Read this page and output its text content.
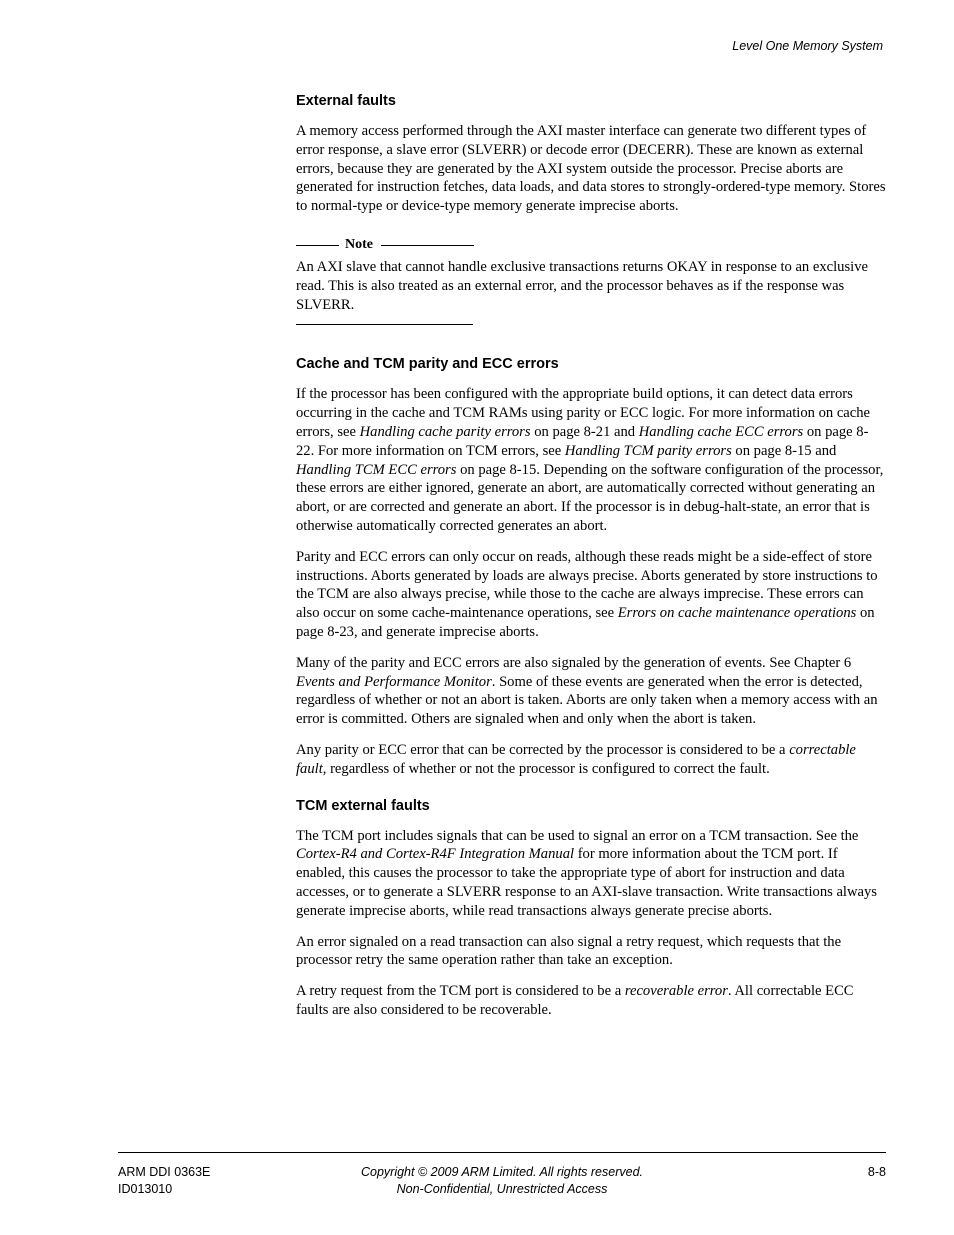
Level One Memory System
External faults

A memory access performed through the AXI master interface can generate two different types of error response, a slave error (SLVERR) or decode error (DECERR). These are known as external errors, because they are generated by the AXI system outside the processor. Precise aborts are generated for instruction fetches, data loads, and data stores to strongly-ordered-type memory. Stores to normal-type or device-type memory generate imprecise aborts.

Note

An AXI slave that cannot handle exclusive transactions returns OKAY in response to an exclusive read. This is also treated as an external error, and the processor behaves as if the response was SLVERR.

Cache and TCM parity and ECC errors

If the processor has been configured with the appropriate build options, it can detect data errors occurring in the cache and TCM RAMs using parity or ECC logic. For more information on cache errors, see Handling cache parity errors on page 8-21 and Handling cache ECC errors on page 8-22. For more information on TCM errors, see Handling TCM parity errors on page 8-15 and Handling TCM ECC errors on page 8-15. Depending on the software configuration of the processor, these errors are either ignored, generate an abort, are automatically corrected without generating an abort, or are corrected and generate an abort. If the processor is in debug-halt-state, an error that is otherwise automatically corrected generates an abort.

Parity and ECC errors can only occur on reads, although these reads might be a side-effect of store instructions. Aborts generated by loads are always precise. Aborts generated by store instructions to the TCM are also always precise, while those to the cache are always imprecise. These errors can also occur on some cache-maintenance operations, see Errors on cache maintenance operations on page 8-23, and generate imprecise aborts.

Many of the parity and ECC errors are also signaled by the generation of events. See Chapter 6 Events and Performance Monitor. Some of these events are generated when the error is detected, regardless of whether or not an abort is taken. Aborts are only taken when a memory access with an error is committed. Others are signaled when and only when the abort is taken.

Any parity or ECC error that can be corrected by the processor is considered to be a correctable fault, regardless of whether or not the processor is configured to correct the fault.

TCM external faults

The TCM port includes signals that can be used to signal an error on a TCM transaction. See the Cortex-R4 and Cortex-R4F Integration Manual for more information about the TCM port. If enabled, this causes the processor to take the appropriate type of abort for instruction and data accesses, or to generate a SLVERR response to an AXI-slave transaction. Write transactions always generate imprecise aborts, while read transactions always generate precise aborts.

An error signaled on a read transaction can also signal a retry request, which requests that the processor retry the same operation rather than take an exception.

A retry request from the TCM port is considered to be a recoverable error. All correctable ECC faults are also considered to be recoverable.

ARM DDI 0363E
ID013010
Copyright © 2009 ARM Limited. All rights reserved.
Non-Confidential, Unrestricted Access
8-8
